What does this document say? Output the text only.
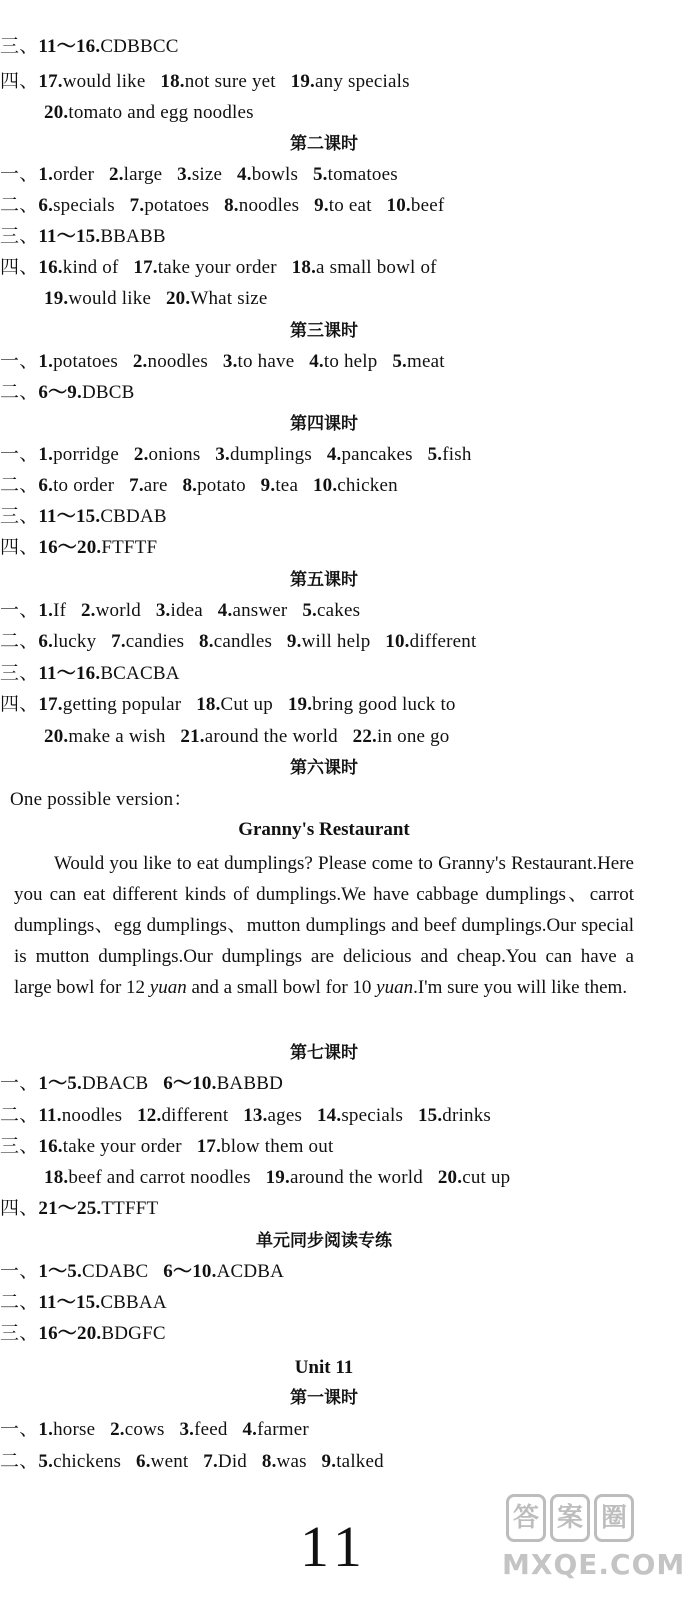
三、11～16.CDBBCC
四、17.would like 18.not sure yet 19.any specials
20.tomato and egg noodles
第二课时
一、1.order 2.large 3.size 4.bowls 5.tomatoes
二、6.specials 7.potatoes 8.noodles 9.to eat 10.beef
三、11～15.BBABB
四、16.kind of 17.take your order 18.a small bowl of
19.would like 20.What size
第三课时
一、1.potatoes 2.noodles 3.to have 4.to help 5.meat
二、6～9.DBCB
第四课时
一、1.porridge 2.onions 3.dumplings 4.pancakes 5.fish
二、6.to order 7.are 8.potato 9.tea 10.chicken
三、11～15.CBDAB
四、16～20.FTFTF
第五课时
一、1.If 2.world 3.idea 4.answer 5.cakes
二、6.lucky 7.candies 8.candles 9.will help 10.different
三、11～16.BCACBA
四、17.getting popular 18.Cut up 19.bring good luck to
20.make a wish 21.around the world 22.in one go
第六课时
One possible version：
Granny's Restaurant
Would you like to eat dumplings? Please come to Granny's Restaurant.Here you can eat different kinds of dumplings.We have cabbage dumplings、carrot dumplings、egg dumplings、mutton dumplings and beef dumplings.Our special is mutton dumplings.Our dumplings are delicious and cheap.You can have a large bowl for 12 yuan and a small bowl for 10 yuan.I'm sure you will like them.
第七课时
一、1～5.DBACB 6～10.BABBD
二、11.noodles 12.different 13.ages 14.specials 15.drinks
三、16.take your order 17.blow them out
18.beef and carrot noodles 19.around the world 20.cut up
四、21～25.TTFFT
单元同步阅读专练
一、1～5.CDABC 6～10.ACDBA
二、11～15.CBBAA
三、16～20.BDGFC
Unit 11
第一课时
一、1.horse 2.cows 3.feed 4.farmer
二、5.chickens 6.went 7.Did 8.was 9.talked
11	答 案 圈
MXQE.COM
